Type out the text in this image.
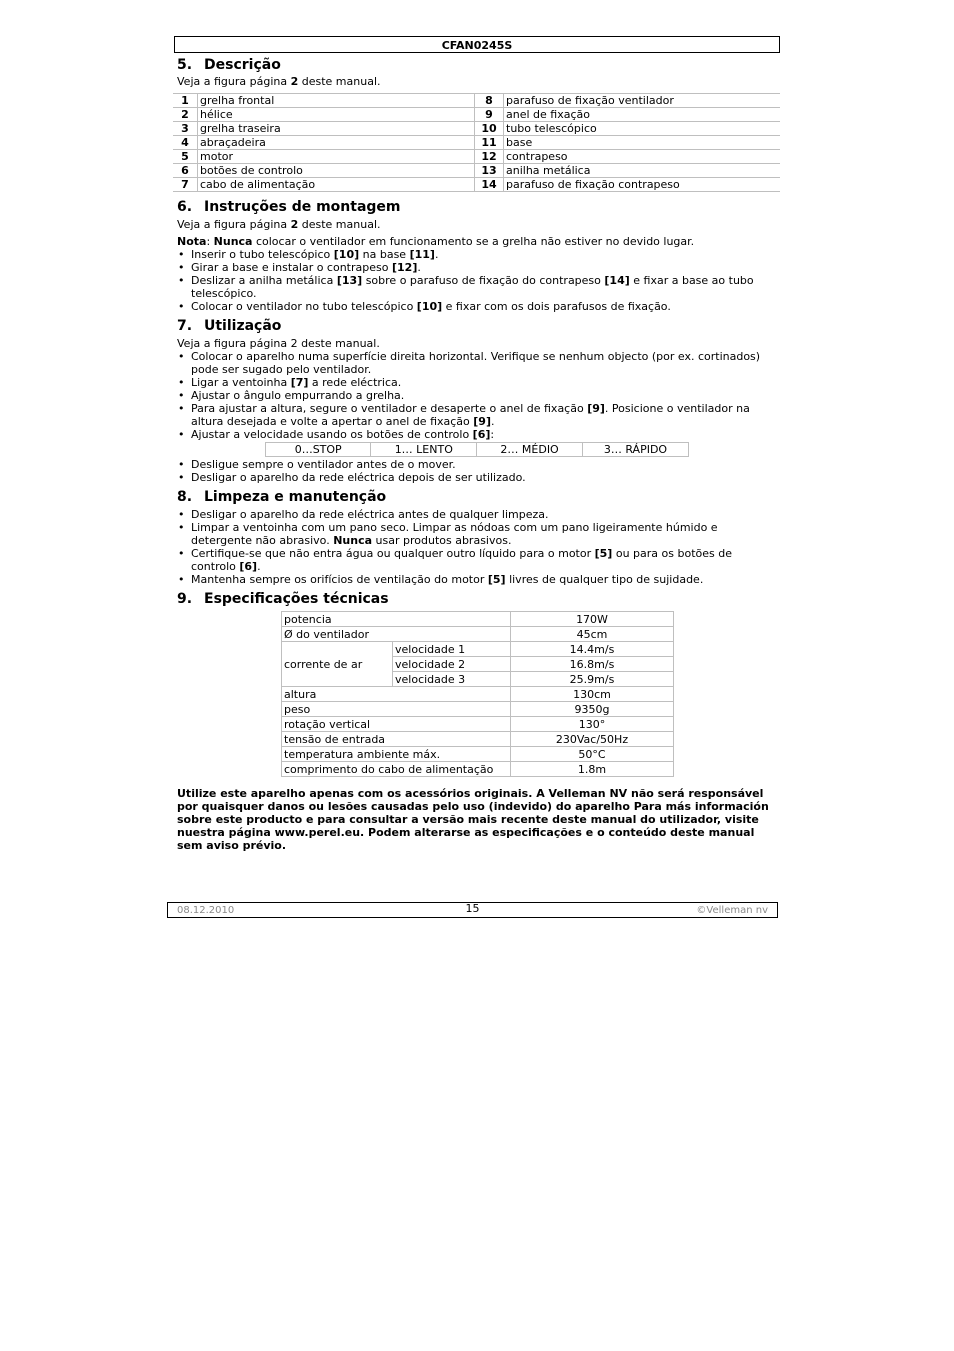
CFAN0245S
5. Descrição

Veja a figura página 2 deste manual.

1	grelha frontal	8	parafuso de fixação ventilador
2	hélice	9	anel de fixação
3	grelha traseira	10	tubo telescópico
4	abraçadeira	11	base
5	motor	12	contrapeso
6	botões de controlo	13	anilha metálica
7	cabo de alimentação	14	parafuso de fixação contrapeso
6. Instruções de montagem

Veja a figura página 2 deste manual.

Nota: Nunca colocar o ventilador em funcionamento se a grelha não estiver no devido lugar.

• Inserir o tubo telescópico [10] na base [11].
• Girar a base e instalar o contrapeso [12].
• Deslizar a anilha metálica [13] sobre o parafuso de fixação do contrapeso [14] e fixar a base ao tubo telescópico.
• Colocar o ventilador no tubo telescópico [10] e fixar com os dois parafusos de fixação.
7. Utilização

Veja a figura página 2 deste manual.

• Colocar o aparelho numa superfície direita horizontal. Verifique se nenhum objecto (por ex. cortinados) pode ser sugado pelo ventilador.
• Ligar a ventoinha [7] a rede eléctrica.
• Ajustar o ângulo empurrando a grelha.
• Para ajustar a altura, segure o ventilador e desaperte o anel de fixação [9]. Posicione o ventilador na altura desejada e volte a apertar o anel de fixação [9].
• Ajustar a velocidade usando os botões de controlo [6]:
0…STOP	1… LENTO	2… MÉDIO	3… RÁPIDO
• Desligue sempre o ventilador antes de o mover.
• Desligar o aparelho da rede eléctrica depois de ser utilizado.
8. Limpeza e manutenção
• Desligar o aparelho da rede eléctrica antes de qualquer limpeza.
• Limpar a ventoinha com um pano seco. Limpar as nódoas com um pano ligeiramente húmido e detergente não abrasivo. Nunca usar produtos abrasivos.
• Certifique-se que não entra água ou qualquer outro líquido para o motor [5] ou para os botões de controlo [6].
• Mantenha sempre os orifícios de ventilação do motor [5] livres de qualquer tipo de sujidade.
9. Especificações técnicas
potencia		170W
Ø do ventilador		45cm
corrente de ar	velocidade 1	14.4m/s
	velocidade 2	16.8m/s
	velocidade 3	25.9m/s
altura		130cm
peso		9350g
rotação vertical		130°
tensão de entrada		230Vac/50Hz
temperatura ambiente máx.		50°C
comprimento do cabo de alimentação		1.8m

Utilize este aparelho apenas com os acessórios originais. A Velleman NV não será responsável por quaisquer danos ou lesões causadas pelo uso (indevido) do aparelho Para más información sobre este producto e para consultar a versão mais recente deste manual do utilizador, visite nuestra página www.perel.eu. Podem alterarse as especificações e o conteúdo deste manual sem aviso prévio.

08.12.2010	15	©Velleman nv
